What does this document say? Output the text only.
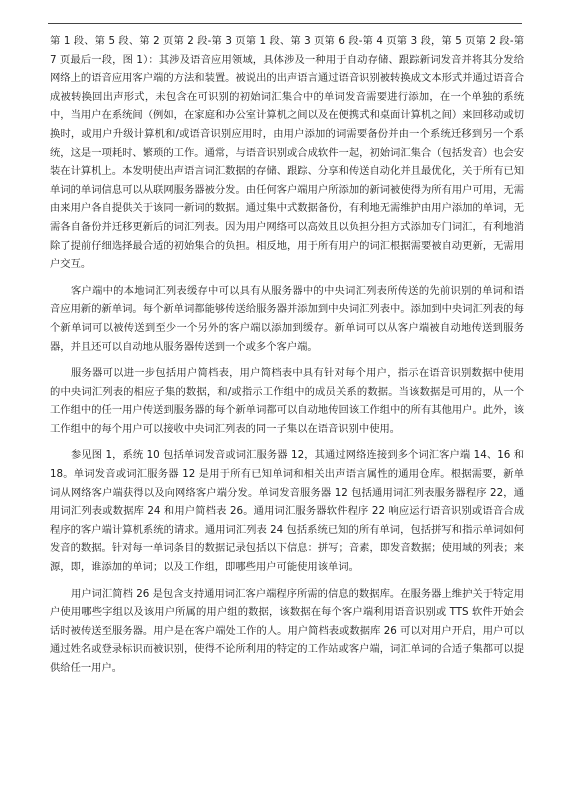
第 1 段、第 5 段、第 2 页第 2 段-第 3 页第 1 段、第 3 页第 6 段-第 4 页第 3 段，第 5 页第 2 段-第 7 页最后一段，图 1）：其涉及语音应用领域，具体涉及一种用于自动存储、跟踪新词发音并将其分发给网络上的语音应用客户端的方法和装置。被说出的出声语言通过语音识别被转换成文本形式并通过语音合成被转换回出声形式，未包含在可识别的初始词汇集合中的单词发音需要进行添加，在一个单独的系统中，当用户在系统间（例如，在家庭和办公室计算机之间以及在便携式和桌面计算机之间）来回移动或切换时，或用户升级计算机和/或语音识别应用时，由用户添加的词需要备份并由一个系统迁移到另一个系统，这是一项耗时、繁琐的工作。通常，与语音识别或合成软件一起，初始词汇集合（包括发音）也会安装在计算机上。本发明使出声语言词汇数据的存储、跟踪、分享和传送自动化并且最优化，关于所有已知单词的单词信息可以从联网服务器被分发。由任何客户端用户所添加的新词被使得为所有用户可用，无需由来用户各自提供关于该同一新词的数据。通过集中式数据备份，有利地无需维护由用户添加的单词，无需各自备份并迁移更新后的词汇列表。因为用户网络可以高效且以负担分担方式添加专门词汇，有利地消除了提前仔细选择最合适的初始集合的负担。相反地，用于所有用户的词汇根据需要被自动更新，无需用户交互。

客户端中的本地词汇列表缓存中可以具有从服务器中的中央词汇列表所传送的先前识别的单词和语音应用新的新单词。每个新单词都能够传送给服务器并添加到中央词汇列表中。添加到中央词汇列表的每个新单词可以被传送到至少一个另外的客户端以添加到缓存。新单词可以从客户端被自动地传送到服务器，并且还可以自动地从服务器传送到一个或多个客户端。

服务器可以进一步包括用户简档表，用户简档表中具有针对每个用户，指示在语音识别数据中使用的中央词汇列表的相应子集的数据，和/或指示工作组中的成员关系的数据。当该数据是可用的，从一个工作组中的任一用户传送到服务器的每个新单词都可以自动地传回该工作组中的所有其他用户。此外，该工作组中的每个用户可以接收中央词汇列表的同一子集以在语音识别中使用。

参见图 1，系统 10 包括单词发音或词汇服务器 12，其通过网络连接到多个词汇客户端 14、16 和 18。单词发音或词汇服务器 12 是用于所有已知单词和相关出声语言属性的通用仓库。根据需要，新单词从网络客户端获得以及向网络客户端分发。单词发音服务器 12 包括通用词汇列表服务器程序 22，通用词汇列表或数据库 24 和用户简档表 26。通用词汇服务器软件程序 22 响应运行语音识别或语音合成程序的客户端计算机系统的请求。通用词汇列表 24 包括系统已知的所有单词，包括拼写和指示单词如何发音的数据。针对每一单词条目的数据记录包括以下信息：拼写；音素，即发音数据；使用域的列表；来源，即，谁添加的单词；以及工作组，即哪些用户可能使用该单词。

用户词汇简档 26 是包含支持通用词汇客户端程序所需的信息的数据库。在服务器上维护关于特定用户使用哪些字组以及该用户所属的用户组的数据，该数据在每个客户端利用语音识别或 TTS 软件开始会话时被传送至服务器。用户是在客户端处工作的人。用户简档表或数据库 26 可以对用户开启，用户可以通过姓名或登录标识而被识别，使得不论所利用的特定的工作站或客户端，词汇单词的合适子集都可以提供给任一用户。
